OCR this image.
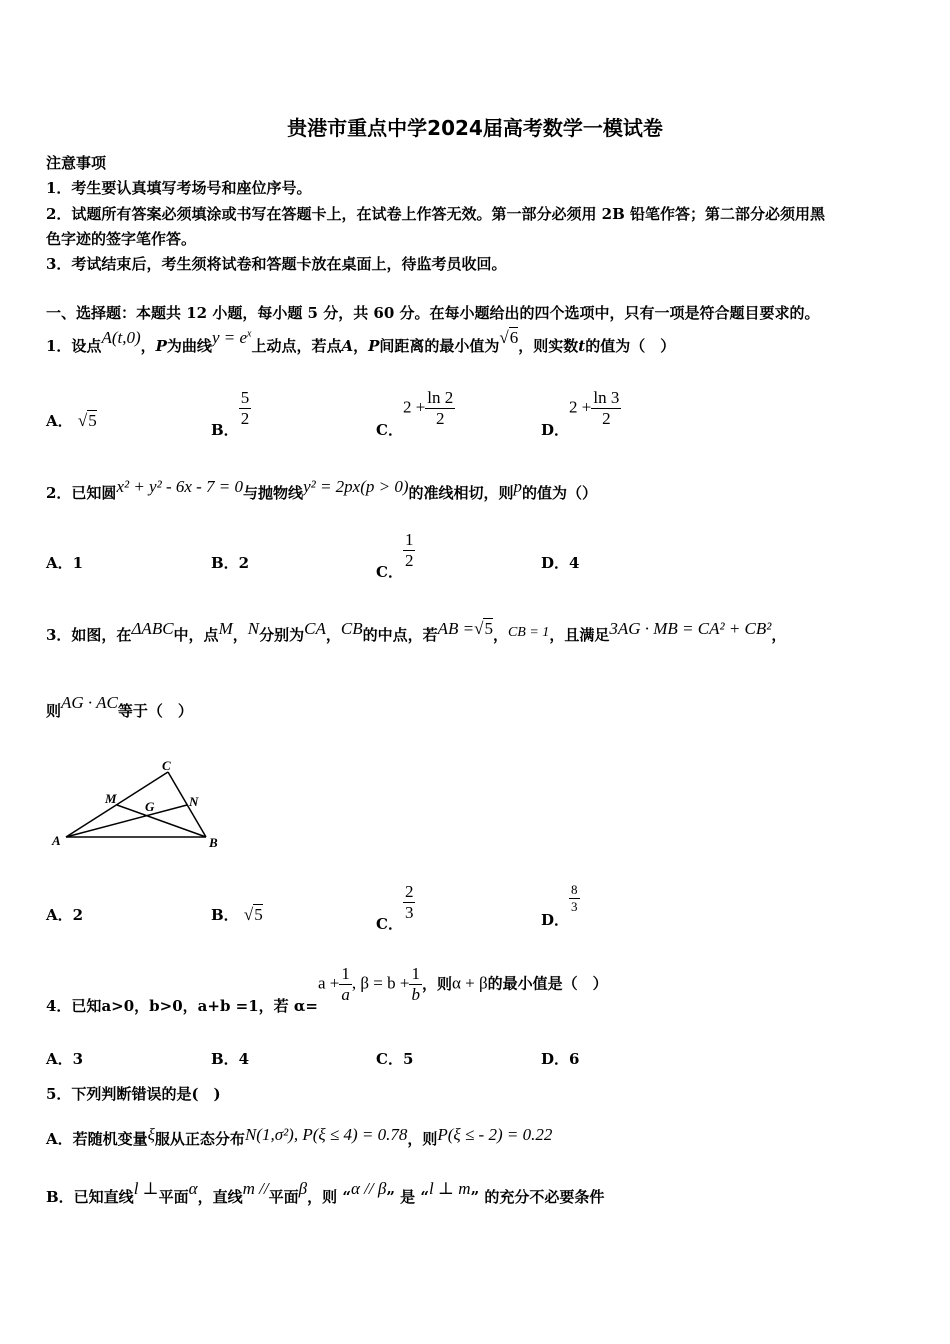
贵港市重点中学2024届高考数学一模试卷
注意事项
1．考生要认真填写考场号和座位序号。
2．试题所有答案必须填涂或书写在答题卡上，在试卷上作答无效。第一部分必须用 2B 铅笔作答；第二部分必须用黑
色字迹的签字笔作答。
3．考试结束后，考生须将试卷和答题卡放在桌面上，待监考员收回。
一、选择题：本题共 12 小题，每小题 5 分，共 60 分。在每小题给出的四个选项中，只有一项是符合题目要求的。
1．设点A(t,0)，P为曲线$y = e^x$上动点，若点A，P间距离的最小值为√6，则实数t的值为（　）
A． √5	B．
$\frac{5}{2}$
C．$2 + \frac{\ln 2}{2}$
D．$2 + \frac{\ln 3}{2}$
2．已知圆x² + y² - 6x - 7 = 0与抛物线y² = 2px(p > 0)的准线相切，则p的值为（）
A．1	B．2	C．
$\frac{1}{2}$	D．4
3．如图，在ΔABC中，点M，N分别为CA，CB的中点，若AB =√5，CB = 1，且满足3AG · MB = CA² + CB²，
则AG · AC等于（　）
A	B
C
M	N
G
A．2	B． √5	C．
$\frac{2}{3}$	D．
$\frac{8}{3}$
4．已知a>0，b>0，a+b =1，若 $\alpha=a + \frac{1}{a}$ , $\beta = b + \frac{1}{b}$ ，则α + β的最小值是（　）
A．3	B．4	C．5	D．6
5．下列判断错误的是(　)
A．若随机变量ξ服从正态分布N(1,σ²), P(ξ ≤ 4) = 0.78，则P(ξ ≤ - 2) = 0.22
B．已知直线l ⊥平面α，直线m //平面β，则 “α // β” 是 “l ⊥ m” 的充分不必要条件
